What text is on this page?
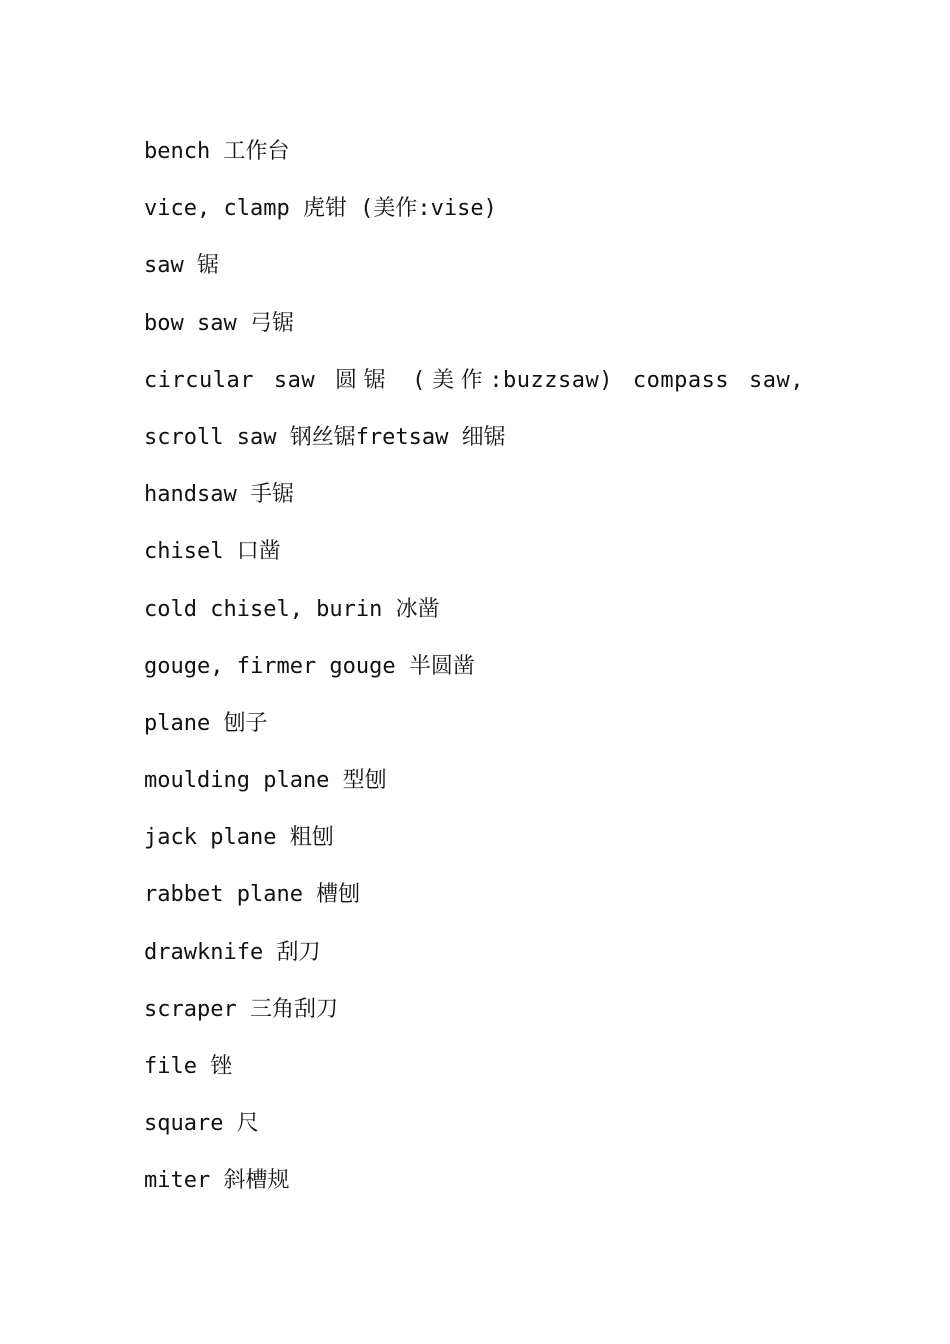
bench 工作台
vice, clamp 虎钳 (美作:vise)
saw 锯
bow saw 弓锯
circular saw 圆锯 (美作:buzzsaw) compass saw,
scroll saw 钢丝锯fretsaw 细锯
handsaw 手锯
chisel 口凿
cold chisel, burin 冰凿
gouge, firmer gouge 半圆凿
plane 刨子
moulding plane 型刨
jack plane 粗刨
rabbet plane 槽刨
drawknife 刮刀
scraper 三角刮刀
file 锉
square 尺
miter 斜槽规
